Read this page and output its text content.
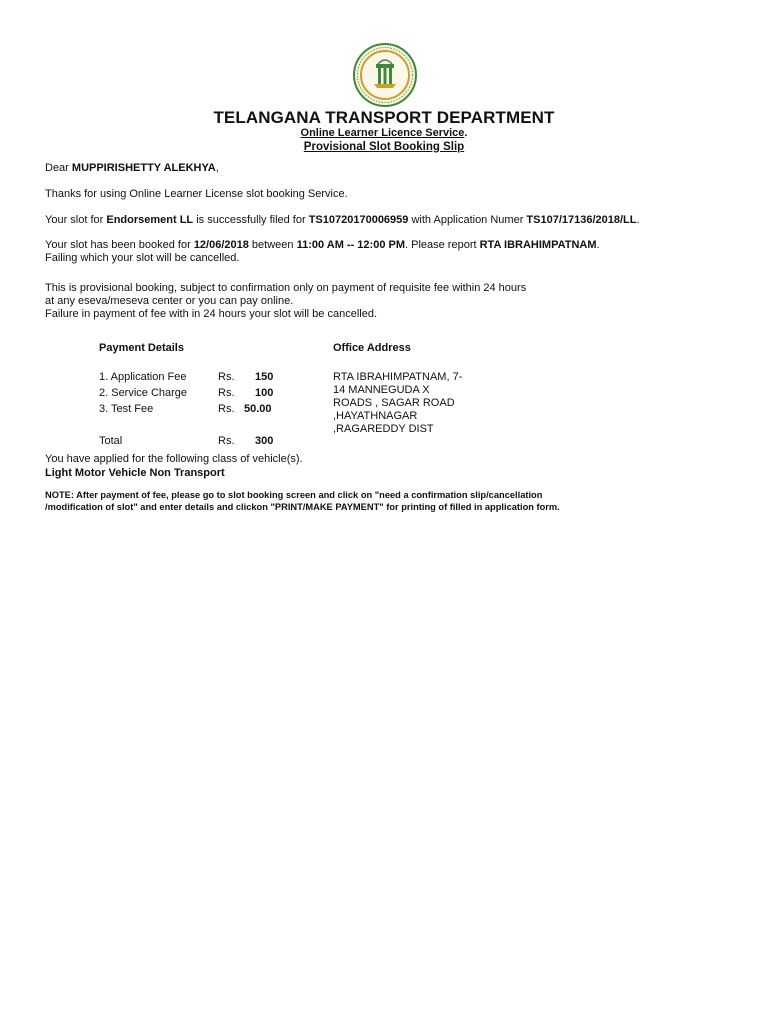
TELANGANA TRANSPORT DEPARTMENT
Online Learner Licence Service.
Provisional Slot Booking Slip
Dear MUPPIRISHETTY ALEKHYA,
Thanks for using Online Learner License slot booking Service.
Your slot for Endorsement LL is successfully filed for TS10720170006959 with Application Numer TS107/17136/2018/LL.
Your slot has been booked for 12/06/2018 between 11:00 AM -- 12:00 PM. Please report RTA IBRAHIMPATNAM.
Failing which your slot will be cancelled.
This is provisional booking, subject to confirmation only on payment of requisite fee within 24 hours
at any eseva/meseva center or you can pay online.
Failure in payment of fee with in 24 hours your slot will be cancelled.
Payment Details
1. Application Fee	Rs. 150
2. Service Charge	Rs. 100
3. Test Fee	Rs. 50.00
Total	Rs. 300
Office Address
RTA IBRAHIMPATNAM, 7-
14 MANNEGUDA X
ROADS , SAGAR ROAD
,HAYATHNAGAR
,RAGAREDDY DIST
You have applied for the following class of vehicle(s).
Light Motor Vehicle Non Transport
NOTE: After payment of fee, please go to slot booking screen and click on "need a confirmation slip/cancellation
/modification of slot" and enter details and clickon "PRINT/MAKE PAYMENT" for printing of filled in application form.
